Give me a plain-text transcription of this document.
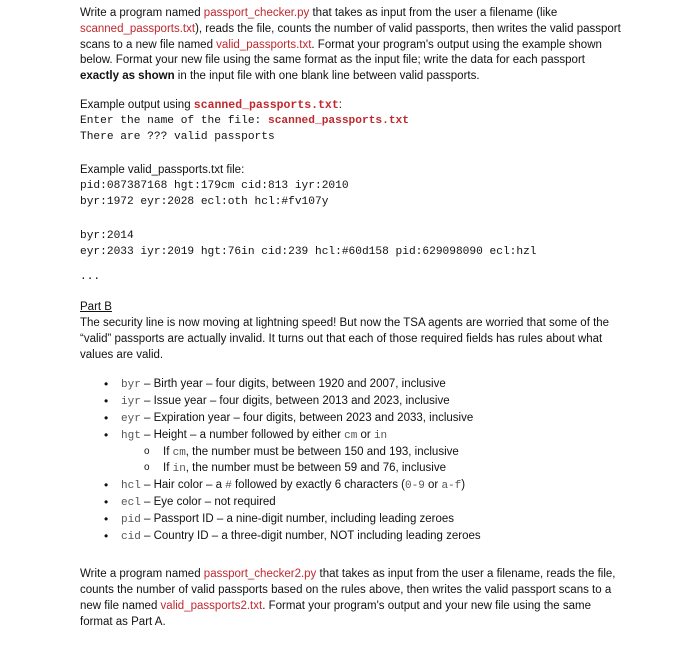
Write a program named passport_checker.py that takes as input from the user a filename (like scanned_passports.txt), reads the file, counts the number of valid passports, then writes the valid passport scans to a new file named valid_passports.txt. Format your program's output using the example shown below. Format your new file using the same format as the input file; write the data for each passport exactly as shown in the input file with one blank line between valid passports.

Example output using scanned_passports.txt:

Enter the name of the file: scanned_passports.txt

There are ??? valid passports

Example valid_passports.txt file:

pid:087387168 hgt:179cm cid:813 iyr:2010

byr:1972 eyr:2028 ecl:oth hcl:#fv107y

byr:2014

eyr:2033 iyr:2019 hgt:76in cid:239 hcl:#60d158 pid:629098090 ecl:hzl

...

Part B

The security line is now moving at lightning speed! But now the TSA agents are worried that some of the “valid” passports are actually invalid. It turns out that each of those required fields has rules about what values are valid.

• byr – Birth year – four digits, between 1920 and 2007, inclusive
• iyr – Issue year – four digits, between 2013 and 2023, inclusive
• eyr – Expiration year – four digits, between 2023 and 2033, inclusive
• hgt – Height – a number followed by either cm or in
o If cm, the number must be between 150 and 193, inclusive
o If in, the number must be between 59 and 76, inclusive
• hcl – Hair color – a # followed by exactly 6 characters (0-9 or a-f)
• ecl – Eye color – not required
• pid – Passport ID – a nine-digit number, including leading zeroes
• cid – Country ID – a three-digit number, NOT including leading zeroes

Write a program named passport_checker2.py that takes as input from the user a filename, reads the file, counts the number of valid passports based on the rules above, then writes the valid passport scans to a new file named valid_passports2.txt. Format your program's output and your new file using the same format as Part A.
